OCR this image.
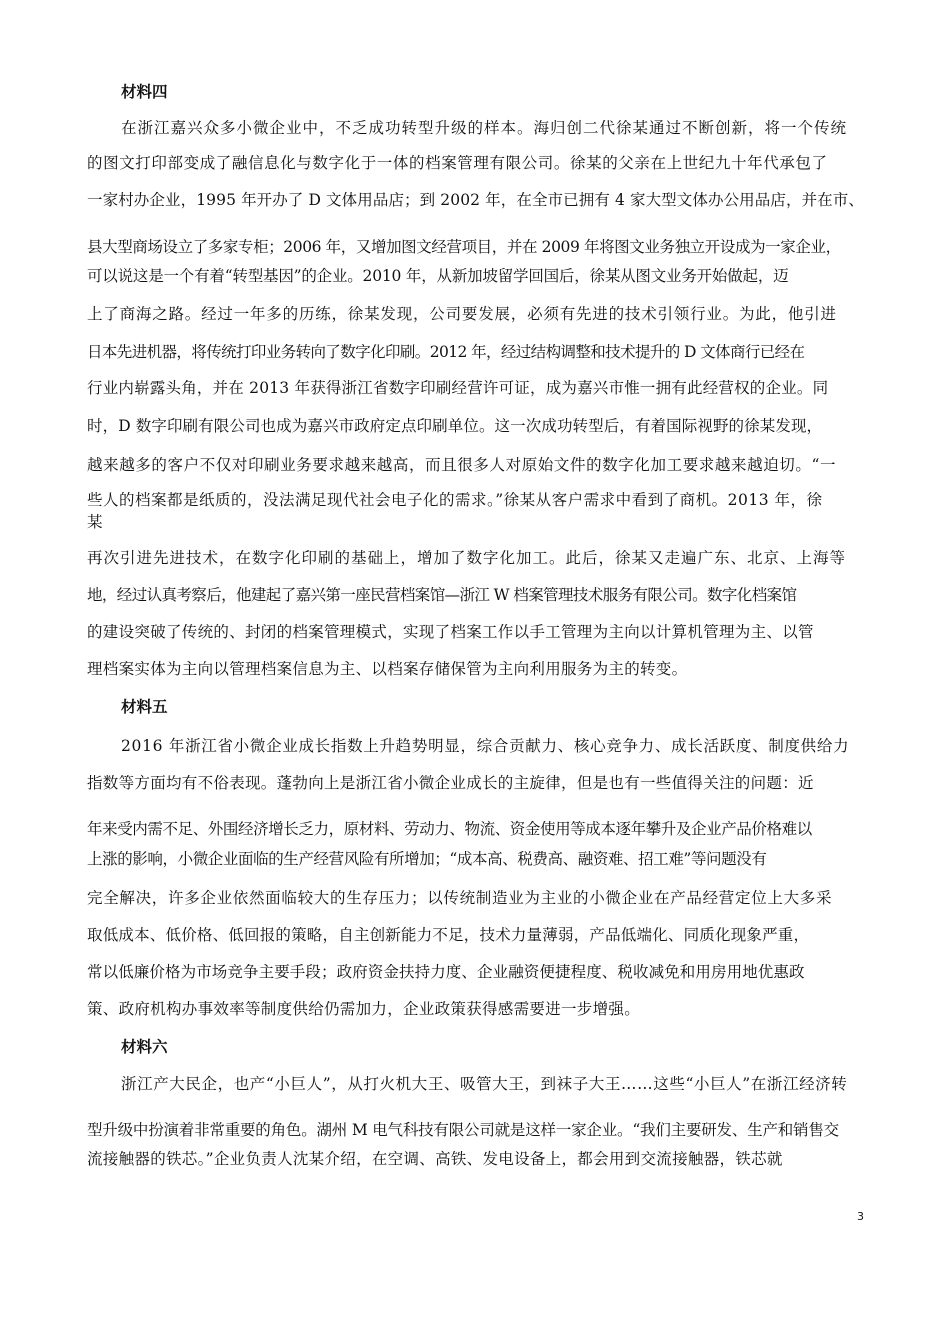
材料四
在浙江嘉兴众多小微企业中，不乏成功转型升级的样本。海归创二代徐某通过不断创新，将一个传统
的图文打印部变成了融信息化与数字化于一体的档案管理有限公司。徐某的父亲在上世纪九十年代承包了
一家村办企业，1995 年开办了 D 文体用品店；到 2002 年，在全市已拥有 4 家大型文体办公用品店，并在市、
县大型商场设立了多家专柜；2006 年，又增加图文经营项目，并在 2009 年将图文业务独立开设成为一家企业，
可以说这是一个有着“转型基因”的企业。2010 年，从新加坡留学回国后，徐某从图文业务开始做起，迈
上了商海之路。经过一年多的历练，徐某发现，公司要发展，必须有先进的技术引领行业。为此，他引进
日本先进机器，将传统打印业务转向了数字化印刷。2012 年，经过结构调整和技术提升的 D 文体商行已经在
行业内崭露头角，并在 2013 年获得浙江省数字印刷经营许可证，成为嘉兴市惟一拥有此经营权的企业。同
时，D 数字印刷有限公司也成为嘉兴市政府定点印刷单位。这一次成功转型后，有着国际视野的徐某发现，
越来越多的客户不仅对印刷业务要求越来越高，而且很多人对原始文件的数字化加工要求越来越迫切。“一
些人的档案都是纸质的，没法满足现代社会电子化的需求。”徐某从客户需求中看到了商机。2013 年，徐
某
再次引进先进技术，在数字化印刷的基础上，增加了数字化加工。此后，徐某又走遍广东、北京、上海等
地，经过认真考察后，他建起了嘉兴第一座民营档案馆—浙江 W 档案管理技术服务有限公司。数字化档案馆
的建设突破了传统的、封闭的档案管理模式，实现了档案工作以手工管理为主向以计算机管理为主、以管
理档案实体为主向以管理档案信息为主、以档案存储保管为主向利用服务为主的转变。
材料五
2016 年浙江省小微企业成长指数上升趋势明显，综合贡献力、核心竞争力、成长活跃度、制度供给力
指数等方面均有不俗表现。蓬勃向上是浙江省小微企业成长的主旋律，但是也有一些值得关注的问题：近
年来受内需不足、外围经济增长乏力，原材料、劳动力、物流、资金使用等成本逐年攀升及企业产品价格难以
上涨的影响，小微企业面临的生产经营风险有所增加；“成本高、税费高、融资难、招工难”等问题没有
完全解决，许多企业依然面临较大的生存压力；以传统制造业为主业的小微企业在产品经营定位上大多采
取低成本、低价格、低回报的策略，自主创新能力不足，技术力量薄弱，产品低端化、同质化现象严重，
常以低廉价格为市场竞争主要手段；政府资金扶持力度、企业融资便捷程度、税收减免和用房用地优惠政
策、政府机构办事效率等制度供给仍需加力，企业政策获得感需要进一步增强。
材料六
浙江产大民企，也产“小巨人”，从打火机大王、吸管大王，到袜子大王……这些“小巨人”在浙江经济转
型升级中扮演着非常重要的角色。湖州 M 电气科技有限公司就是这样一家企业。“我们主要研发、生产和销售交
流接触器的铁芯。”企业负责人沈某介绍，在空调、高铁、发电设备上，都会用到交流接触器，铁芯就
3
